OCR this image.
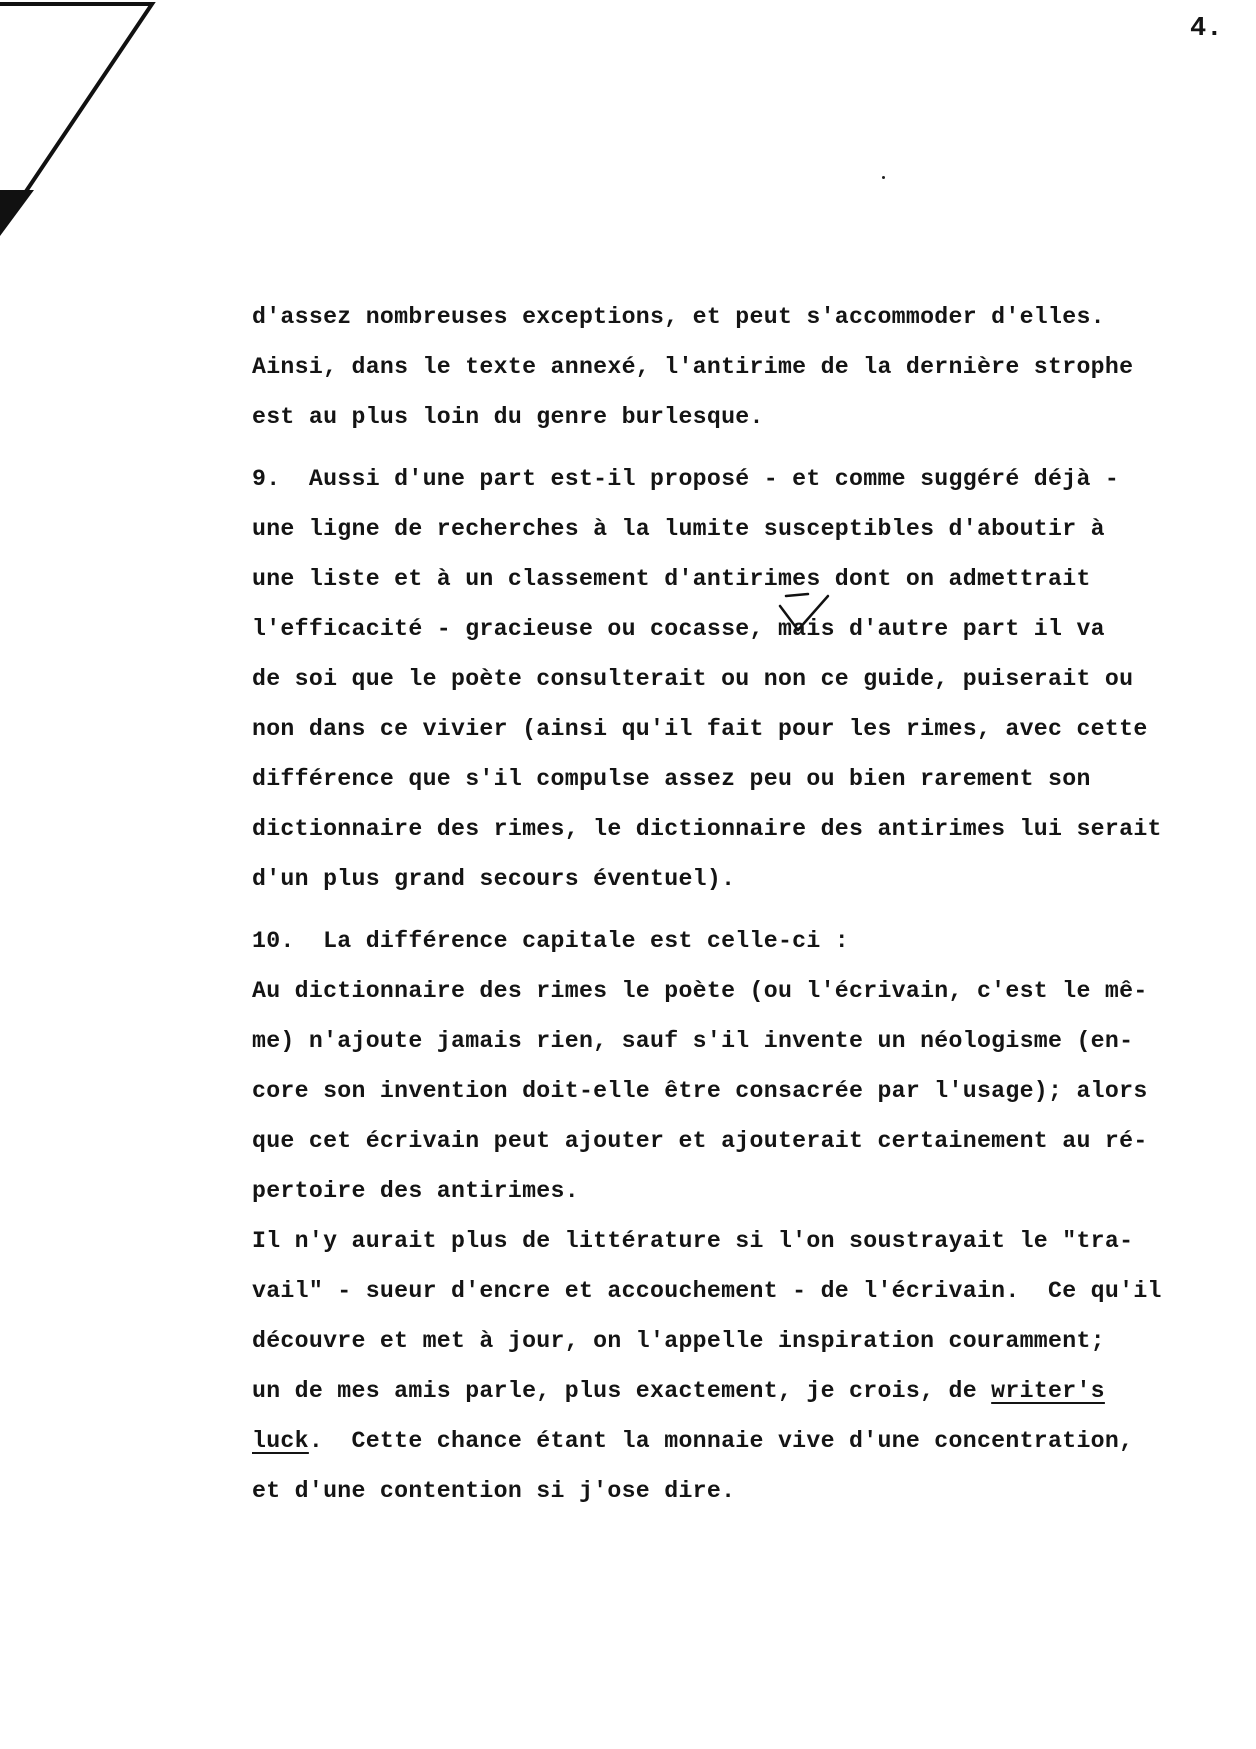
4.
d'assez nombreuses exceptions, et peut s'accommoder d'elles.
Ainsi, dans le texte annexé, l'antirime de la dernière strophe
est au plus loin du genre burlesque.
9.  Aussi d'une part est-il proposé - et comme suggéré déjà -
une ligne de recherches à la lumite susceptibles d'aboutir à
une liste et à un classement d'antirimes dont on admettrait
l'efficacité - gracieuse ou cocasse, mais d'autre part il va
de soi que le poète consulterait ou non ce guide, puiserait ou
non dans ce vivier (ainsi qu'il fait pour les rimes, avec cette
différence que s'il compulse assez peu ou bien rarement son
dictionnaire des rimes, le dictionnaire des antirimes lui serait
d'un plus grand secours éventuel).
10.  La différence capitale est celle-ci :
Au dictionnaire des rimes le poète (ou l'écrivain, c'est le mê-
me) n'ajoute jamais rien, sauf s'il invente un néologisme (en-
core son invention doit-elle être consacrée par l'usage); alors
que cet écrivain peut ajouter et ajouterait certainement au ré-
pertoire des antirimes.
Il n'y aurait plus de littérature si l'on soustrayait le "tra-
vail" - sueur d'encre et accouchement - de l'écrivain.  Ce qu'il
découvre et met à jour, on l'appelle inspiration couramment;
un de mes amis parle, plus exactement, je crois, de writer's
luck.  Cette chance étant la monnaie vive d'une concentration,
et d'une contention si j'ose dire.
